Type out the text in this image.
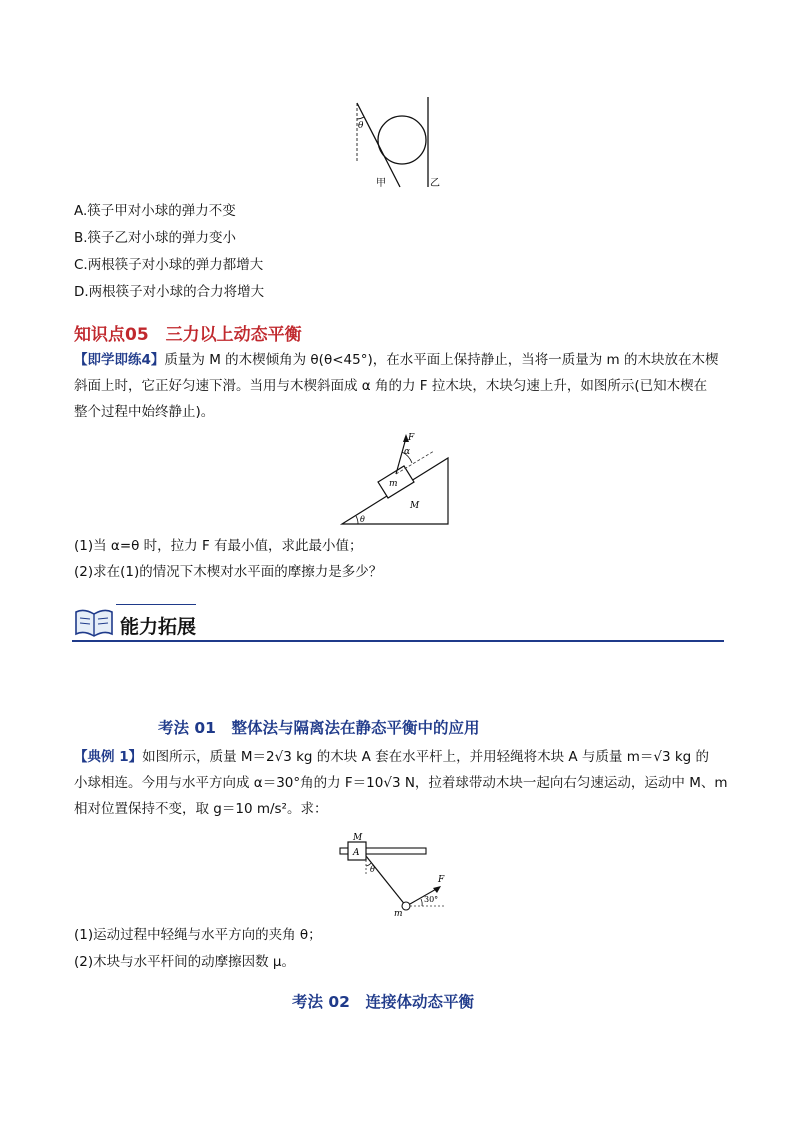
θ
甲	乙
A.筷子甲对小球的弹力不变
B.筷子乙对小球的弹力变小
C.两根筷子对小球的弹力都增大
D.两根筷子对小球的合力将增大
知识点05　三力以上动态平衡
【即学即练4】质量为 M 的木楔倾角为 θ(θ<45°)，在水平面上保持静止，当将一质量为 m 的木块放在木楔
斜面上时，它正好匀速下滑。当用与木楔斜面成 α 角的力 F 拉木块，木块匀速上升，如图所示(已知木楔在
整个过程中始终静止)。
F
α
m
M
θ
(1)当 α=θ 时，拉力 F 有最小值，求此最小值；
(2)求在(1)的情况下木楔对水平面的摩擦力是多少？
能力拓展
考法 01　整体法与隔离法在静态平衡中的应用
【典例 1】如图所示，质量 M＝2√3 kg 的木块 A 套在水平杆上，并用轻绳将木块 A 与质量 m＝√3 kg 的
小球相连。今用与水平方向成 α＝30°角的力 F＝10√3 N，拉着球带动木块一起向右匀速运动，运动中 M、m
相对位置保持不变，取 g＝10 m/s²。求：
M
A
θ
m
F
30°
(1)运动过程中轻绳与水平方向的夹角 θ；
(2)木块与水平杆间的动摩擦因数 μ。
考法 02　连接体动态平衡
